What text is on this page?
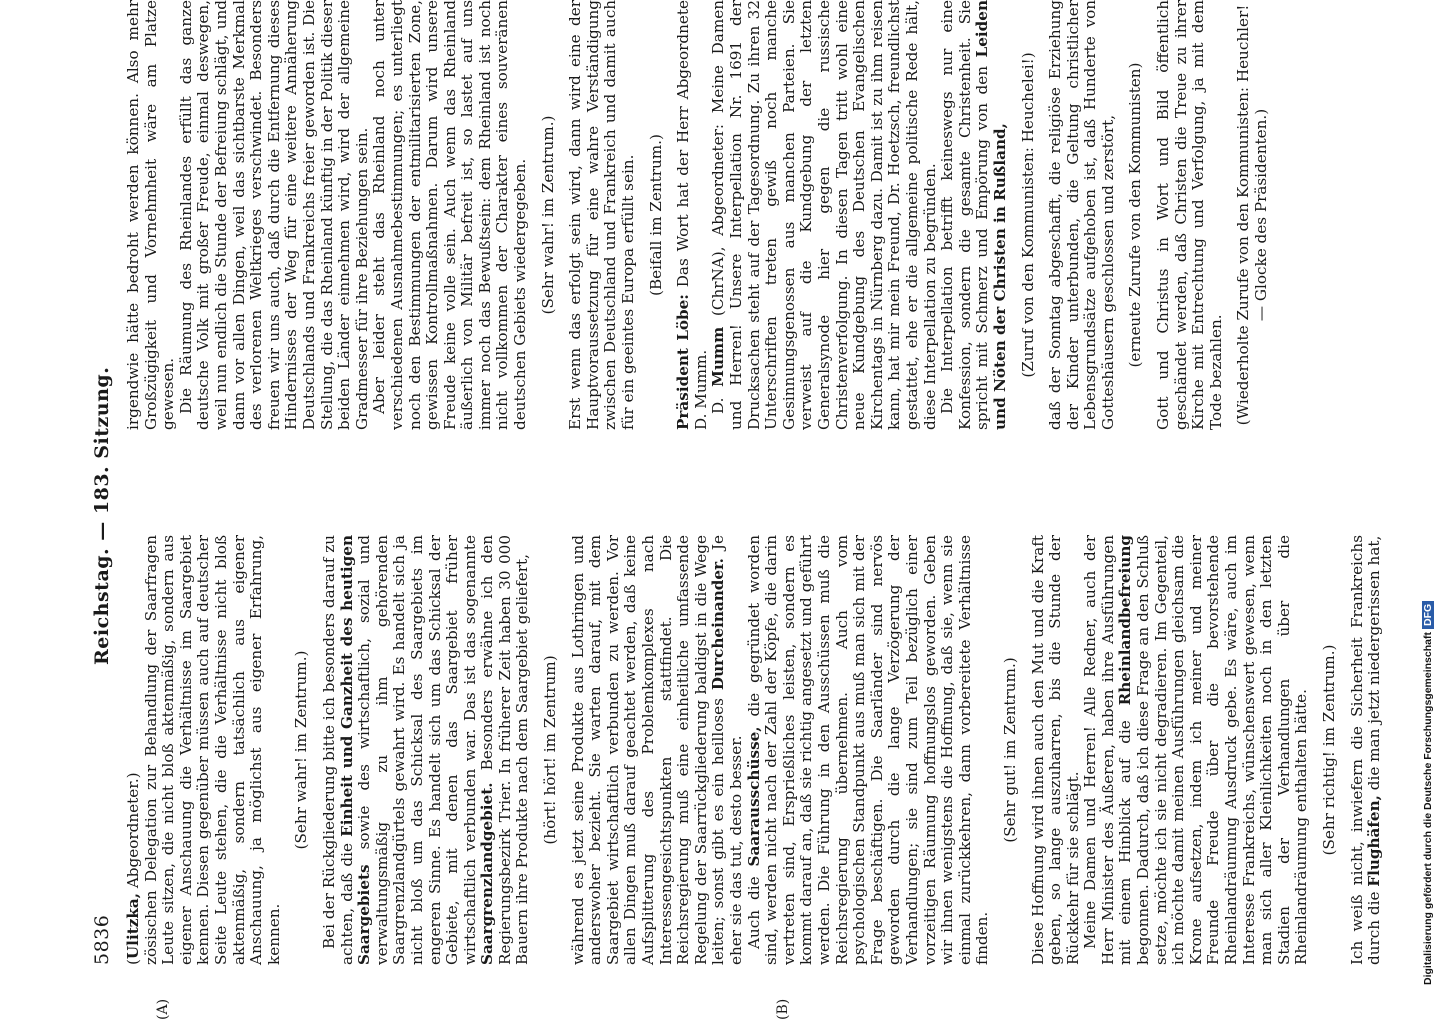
5836
Reichstag. — 183. Sitzung.

(Ulitzka, Abgeordneter.) zösischen Delegation zur Behandlung der Saarfragen Leute sitzen, die nicht bloß aktenmäßig, sondern aus eigener Anschauung die Verhältnisse im Saargebiet kennen. Diesen gegenüber müssen auch auf deutscher Seite Leute stehen, die die Verhältnisse nicht bloß aktenmäßig, sondern tatsächlich aus eigener Anschauung, ja möglichst aus eigener Erfahrung, kennen.

(Sehr wahr! im Zentrum.) Bei der Rückgliederung bitte ich besonders darauf zu achten, daß die Einheit und Ganzheit des heutigen Saargebiets sowie des wirtschaftlich, sozial und verwaltungsmäßig zu ihm gehörenden Saargrenzlandgürtels gewahrt wird. Es handelt sich ja nicht bloß um das Schicksal des Saargebiets im engeren Sinne. Es handelt sich um das Schicksal der Gebiete, mit denen das Saargebiet früher wirtschaftlich verbunden war. Das ist das sogenannte Saargrenzlandgebiet. Besonders erwähne ich den Regierungsbezirk Trier. In früherer Zeit haben 30 000 Bauern ihre Produkte nach dem Saargebiet geliefert, (hört! hört! im Zentrum) während es jetzt seine Produkte aus Lothringen und anderswoher bezieht. Sie warten darauf, mit dem Saargebiet wirtschaftlich verbunden zu werden. Vor allen Dingen muß darauf geachtet werden, daß keine Aufsplitterung des Problemkomplexes nach Interessengesichtspunkten stattfindet. Die Reichsregierung muß eine einheitliche umfassende Regelung der Saarrückgliederung baldigst in die Wege leiten; sonst gibt es ein heilloses Durcheinander. Je eher sie das tut, desto besser. Auch die Saarausschüsse, die gegründet worden sind, werden nicht nach der Zahl der Köpfe, die darin vertreten sind, Ersprießliches leisten, sondern es kommt darauf an, daß sie richtig angesetzt und geführt werden. Die Führung in den Ausschüssen muß die Reichsregierung übernehmen. Auch vom psychologischen Standpunkt aus muß man sich mit der Frage beschäftigen. Die Saarländer sind nervös geworden durch die lange Verzögerung der Verhandlungen; sie sind zum Teil bezüglich einer vorzeitigen Räumung hoffnungslos geworden. Geben wir ihnen wenigstens die Hoffnung, daß sie, wenn sie einmal zurückkehren, dann vorbereitete Verhältnisse finden.

(Sehr gut! im Zentrum.) Diese Hoffnung wird ihnen auch den Mut und die Kraft geben, so lange auszuharren, bis die Stunde der Rückkehr für sie schlägt. Meine Damen und Herren! Alle Redner, auch der Herr Minister des Äußeren, haben ihre Ausführungen mit einem Hinblick auf die Rheinlandbefreiung begonnen. Dadurch, daß ich diese Frage an den Schluß setze, möchte ich sie nicht degradieren. Im Gegenteil, ich möchte damit meinen Ausführungen gleichsam die Krone aufsetzen, indem ich meiner und meiner Freunde Freude über die bevorstehende Rheinlandräumung Ausdruck gebe. Es wäre, auch im Interesse Frankreichs, wünschenswert gewesen, wenn man sich aller Kleinlichkeiten noch in den letzten Stadien der Verhandlungen über die Rheinlandräumung enthalten hätte. (Sehr richtig! im Zentrum.) Ich weiß nicht, inwiefern die Sicherheit Frankreichs durch die Flughäfen, die man jetzt niedergerissen hat,

irgendwie hätte bedroht werden können. Also mehr Großzügigkeit und Vornehmheit wäre am Platze gewesen. Die Räumung des Rheinlandes erfüllt das ganze deutsche Volk mit großer Freude, einmal deswegen, weil nun endlich die Stunde der Befreiung schlägt, und dann vor allen Dingen, weil das sichtbarste Merkmal des verlorenen Weltkrieges verschwindet. Besonders freuen wir uns auch, daß durch die Entfernung dieses Hindernisses der Weg für eine weitere Annäherung Deutschlands und Frankreichs freier geworden ist. Die Stellung, die das Rheinland künftig in der Politik dieser beiden Länder einnehmen wird, wird der allgemeine Gradmesser für ihre Beziehungen sein. Aber leider steht das Rheinland noch unter verschiedenen Ausnahmebestimmungen; es unterliegt noch den Bestimmungen der entmilitarisierten Zone, gewissen Kontrollmaßnahmen. Darum wird unsere Freude keine volle sein. Auch wenn das Rheinland äußerlich von Militär befreit ist, so lastet auf uns immer noch das Bewußtsein: dem Rheinland ist noch nicht vollkommen der Charakter eines souveränen deutschen Gebiets wiedergegeben. (Sehr wahr! im Zentrum.) Erst wenn das erfolgt sein wird, dann wird eine der Hauptvoraussetzung für eine wahre Verständigung zwischen Deutschland und Frankreich und damit auch für ein geeintes Europa erfüllt sein. (Beifall im Zentrum.)

Präsident Löbe: Das Wort hat der Herr Abgeordnete D. Mumm. D. Mumm (ChrNA), Abgeordneter: Meine Damen und Herren! Unsere Interpellation Nr. 1691 der Drucksachen steht auf der Tagesordnung. Zu ihren 32 Unterschriften treten gewiß noch manche Gesinnungsgenossen aus manchen Parteien. Sie verweist auf die Kundgebung der letzten Generalsynode hier gegen die russische Christenverfolgung. In diesen Tagen tritt wohl eine neue Kundgebung des Deutschen Evangelischen Kirchentags in Nürnberg dazu. Damit ist zu ihm reisen kann, hat mir mein Freund, Dr. Hoetzsch, freundlichst gestattet, ehe er die allgemeine politische Rede hält, diese Interpellation zu begründen. Die Interpellation betrifft keineswegs nur eine Konfession, sondern die gesamte Christenheit. Sie spricht mit Schmerz und Empörung von den Leiden und Nöten der Christen in Rußland, (Zuruf von den Kommunisten: Heuchelei!) daß der Sonntag abgeschafft, die religiöse Erziehung der Kinder unterbunden, die Geltung christlicher Lebensgrundsätze aufgehoben ist, daß Hunderte von Gotteshäusern geschlossen und zerstört, (erneute Zurufe von den Kommunisten) Gott und Christus in Wort und Bild öffentlich geschändet werden, daß Christen die Treue zu ihrer Kirche mit Entrechtung und Verfolgung, ja mit dem Tode bezahlen. (Wiederholte Zurufe von den Kommunisten: Heuchler! — Glocke des Präsidenten.)

(A)	(B)
Digitalisierung gefördert durch die Deutsche ForschungsgemeinschaftDFG
